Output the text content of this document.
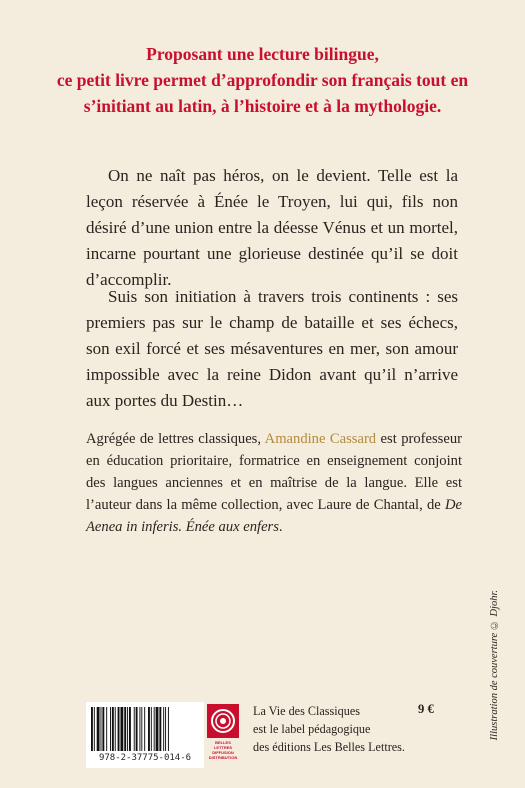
Proposant une lecture bilingue,
ce petit livre permet d’approfondir son français tout en
s’initiant au latin, à l’histoire et à la mythologie.

On ne naît pas héros, on le devient. Telle est la leçon réservée à Énée le Troyen, lui qui, fils non désiré d’une union entre la déesse Vénus et un mortel, incarne pourtant une glorieuse destinée qu’il se doit d’accomplir.

Suis son initiation à travers trois continents : ses premiers pas sur le champ de bataille et ses échecs, son exil forcé et ses mésaventures en mer, son amour impossible avec la reine Didon avant qu’il n’arrive aux portes du Destin…

Agrégée de lettres classiques, Amandine Cassard est professeur en éducation prioritaire, formatrice en enseignement conjoint des langues anciennes et en maîtrise de la langue. Elle est l’auteur dans la même collection, avec Laure de Chantal, de De Aenea in inferis. Énée aux enfers.
Illustration de couverture © Djohr.
978-2-37775-014-6
BELLES LETTRES DIFFUSION DISTRIBUTION
La Vie des Classiques
est le label pédagogique
des éditions Les Belles Lettres.
9 €
